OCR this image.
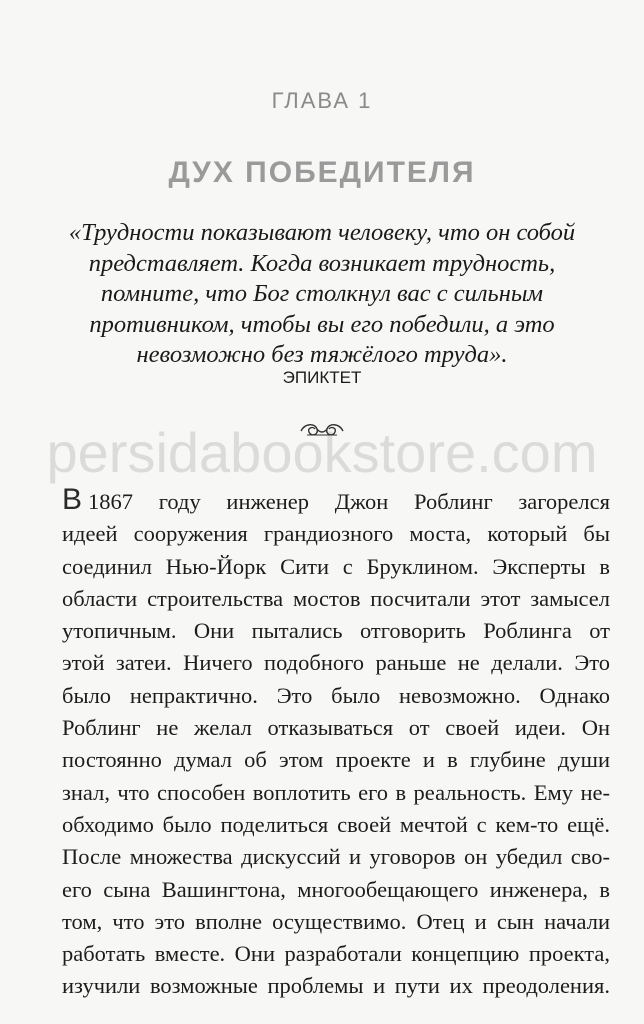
ГЛАВА 1
ДУХ ПОБЕДИТЕЛЯ
«Трудности показывают человеку, что он собой
представляет. Когда возникает трудность,
помните, что Бог столкнул вас с сильным
противником, чтобы вы его победили, а это
невозможно без тяжёлого труда».
ЭПИКТЕТ
persidabookstore.com
В 1867 году инженер Джон Роблинг загорелся
идеей сооружения грандиозного моста, который бы
соединил Нью-Йорк Сити с Бруклином. Эксперты в
области строительства мостов посчитали этот замысел
утопичным. Они пытались отговорить Роблинга от
этой затеи. Ничего подобного раньше не делали. Это
было непрактично. Это было невозможно. Однако
Роблинг не желал отказываться от своей идеи. Он
постоянно думал об этом проекте и в глубине души
знал, что способен воплотить его в реальность. Ему не-
обходимо было поделиться своей мечтой с кем-то ещё.
После множества дискуссий и уговоров он убедил сво-
его сына Вашингтона, многообещающего инженера, в
том, что это вполне осуществимо. Отец и сын начали
работать вместе. Они разработали концепцию проекта,
изучили возможные проблемы и пути их преодоления.
